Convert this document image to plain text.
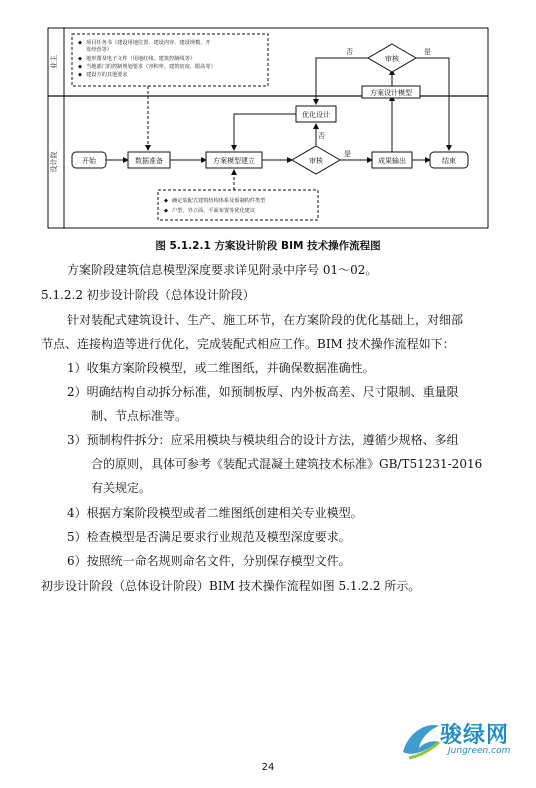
业主
设计院
◆ 项目任务书（建设用地位置、建设内容、建设规模、开
发经营等）
◆ 地形图及电子文件（用地红线、建筑控制线等）
◆ 当地部门的控制规划要求（容积率、建筑密度、限高等）
◆ 建设方的其他要求
开始	数据准备	方案模型建立	审核
是
否
优化设计
成果输出	结束
方案设计模型
审核
是
否
◆ 确定装配式建筑结构体系及预制构件类型
◆ 户型、外立面、平面布置等优化建议
图 5.1.2.1 方案设计阶段 BIM 技术操作流程图
方案阶段建筑信息模型深度要求详见附录中序号 01～02。
5.1.2.2 初步设计阶段（总体设计阶段）
针对装配式建筑设计、生产、施工环节，在方案阶段的优化基础上，对细部
节点、连接构造等进行优化，完成装配式相应工作。BIM 技术操作流程如下：
1）收集方案阶段模型，或二维图纸，并确保数据准确性。
2）明确结构自动拆分标准，如预制板厚、内外板高差、尺寸限制、重量限
制、节点标准等。
3）预制构件拆分：应采用模块与模块组合的设计方法，遵循少规格、多组
合的原则，具体可参考《装配式混凝土建筑技术标准》GB/T51231-2016
有关规定。
4）根据方案阶段模型或者二维图纸创建相关专业模型。
5）检查模型是否满足要求行业规范及模型深度要求。
6）按照统一命名规则命名文件，分别保存模型文件。
初步设计阶段（总体设计阶段）BIM 技术操作流程如图 5.1.2.2 所示。
24
骏绿网
Jungreen.com
